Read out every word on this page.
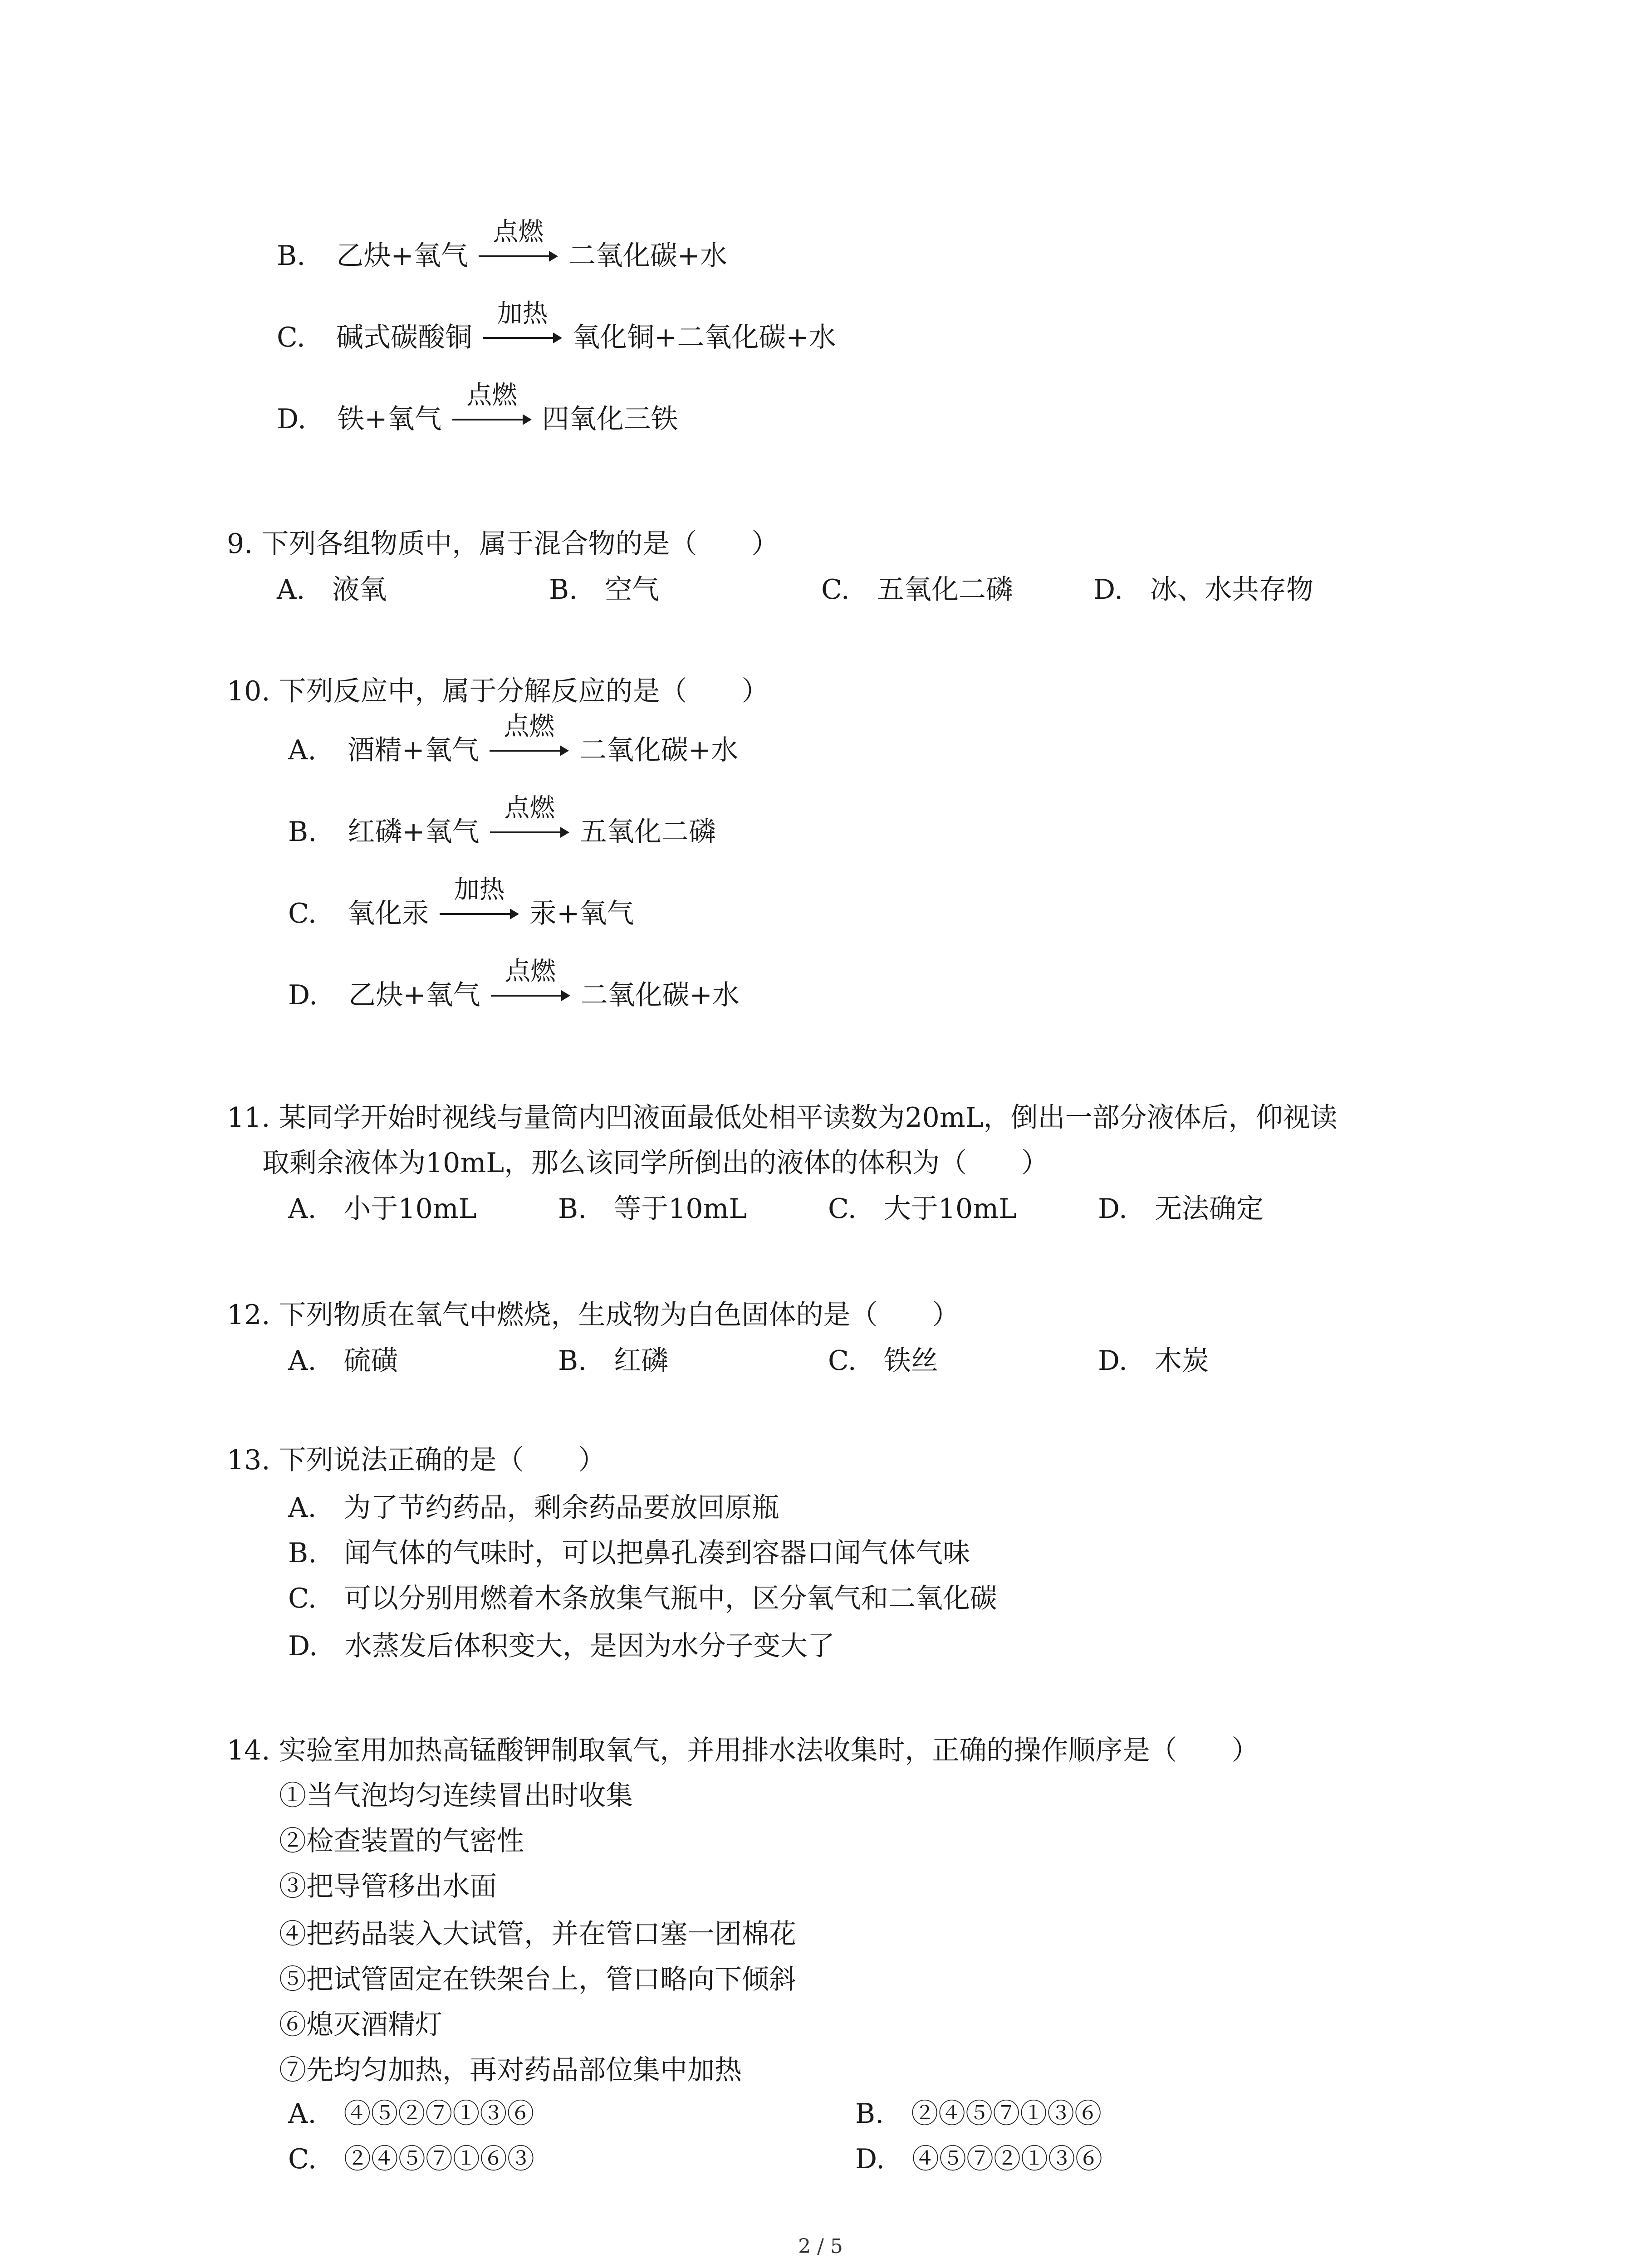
B. 乙炔+氧气
点燃
二氧化碳+水
C. 碱式碳酸铜
加热
氧化铜+二氧化碳+水
D. 铁+氧气
点燃
四氧化三铁
9. 下列各组物质中，属于混合物的是（　　）
A.　液氧	B.　空气	C.　五氧化二磷	D.　冰、水共存物
10. 下列反应中，属于分解反应的是（　　）
A. 酒精+氧气
点燃
二氧化碳+水
B. 红磷+氧气
点燃
五氧化二磷
C. 氧化汞
加热
汞+氧气
D. 乙炔+氧气
点燃
二氧化碳+水
11. 某同学开始时视线与量筒内凹液面最低处相平读数为20mL，倒出一部分液体后，仰视读
取剩余液体为10mL，那么该同学所倒出的液体的体积为（　　）
A.　小于10mL	B.　等于10mL	C.　大于10mL	D.　无法确定
12. 下列物质在氧气中燃烧，生成物为白色固体的是（　　）
A.　硫磺	B.　红磷	C.　铁丝	D.　木炭
13. 下列说法正确的是（　　）
A.　为了节约药品，剩余药品要放回原瓶
B.　闻气体的气味时，可以把鼻孔凑到容器口闻气体气味
C.　可以分别用燃着木条放集气瓶中，区分氧气和二氧化碳
D.　水蒸发后体积变大，是因为水分子变大了
14. 实验室用加热高锰酸钾制取氧气，并用排水法收集时，正确的操作顺序是（　　）
①当气泡均匀连续冒出时收集
②检查装置的气密性
③把导管移出水面
④把药品装入大试管，并在管口塞一团棉花
⑤把试管固定在铁架台上，管口略向下倾斜
⑥熄灭酒精灯
⑦先均匀加热，再对药品部位集中加热
A.　④⑤②⑦①③⑥	B.　②④⑤⑦①③⑥
C.　②④⑤⑦①⑥③	D.　④⑤⑦②①③⑥
2 / 5
